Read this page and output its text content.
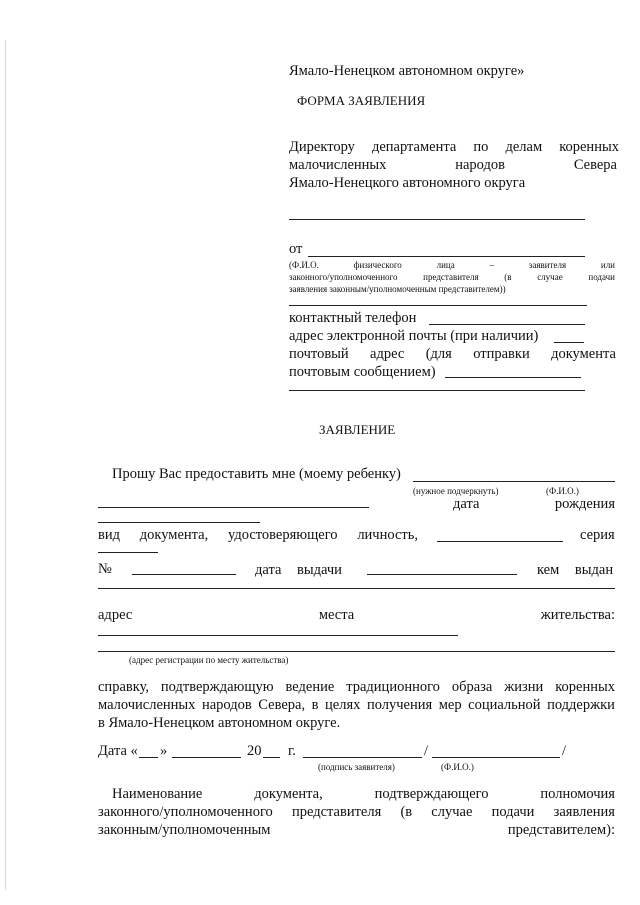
Ямало-Ненецком автономном округе»
ФОРМА ЗАЯВЛЕНИЯ
Директору департамента по делам коренных
малочисленных	народов	Севера
Ямало-Ненецкого автономного округа
от
(Ф.И.О.	физического	лица	–	заявителя	или
законного/уполномоченного	представителя	(в	случае	подачи
заявления законным/уполномоченным представителем))
контактный телефон
адрес электронной почты (при наличии)
почтовый адрес (для отправки документа
почтовым сообщением)
ЗАЯВЛЕНИЕ
Прошу Вас предоставить мне (моему ребенку)
(нужное подчеркнуть)	(Ф.И.О.)
дата	рождения
вид документа, удостоверяющего личность,	серия
№	дата выдачи	кем выдан
адрес	места	жительства:
(адрес регистрации по месту жительства)
справку, подтверждающую ведение традиционного образа жизни коренных
малочисленных народов Севера, в целях получения мер социальной поддержки
в Ямало-Ненецком автономном округе.
Дата « »	20 г.	/	/
(подпись заявителя)	(Ф.И.О.)
Наименование	документа,	подтверждающего	полномочия
законного/уполномоченного представителя (в случае подачи заявления
законным/уполномоченным	представителем):
